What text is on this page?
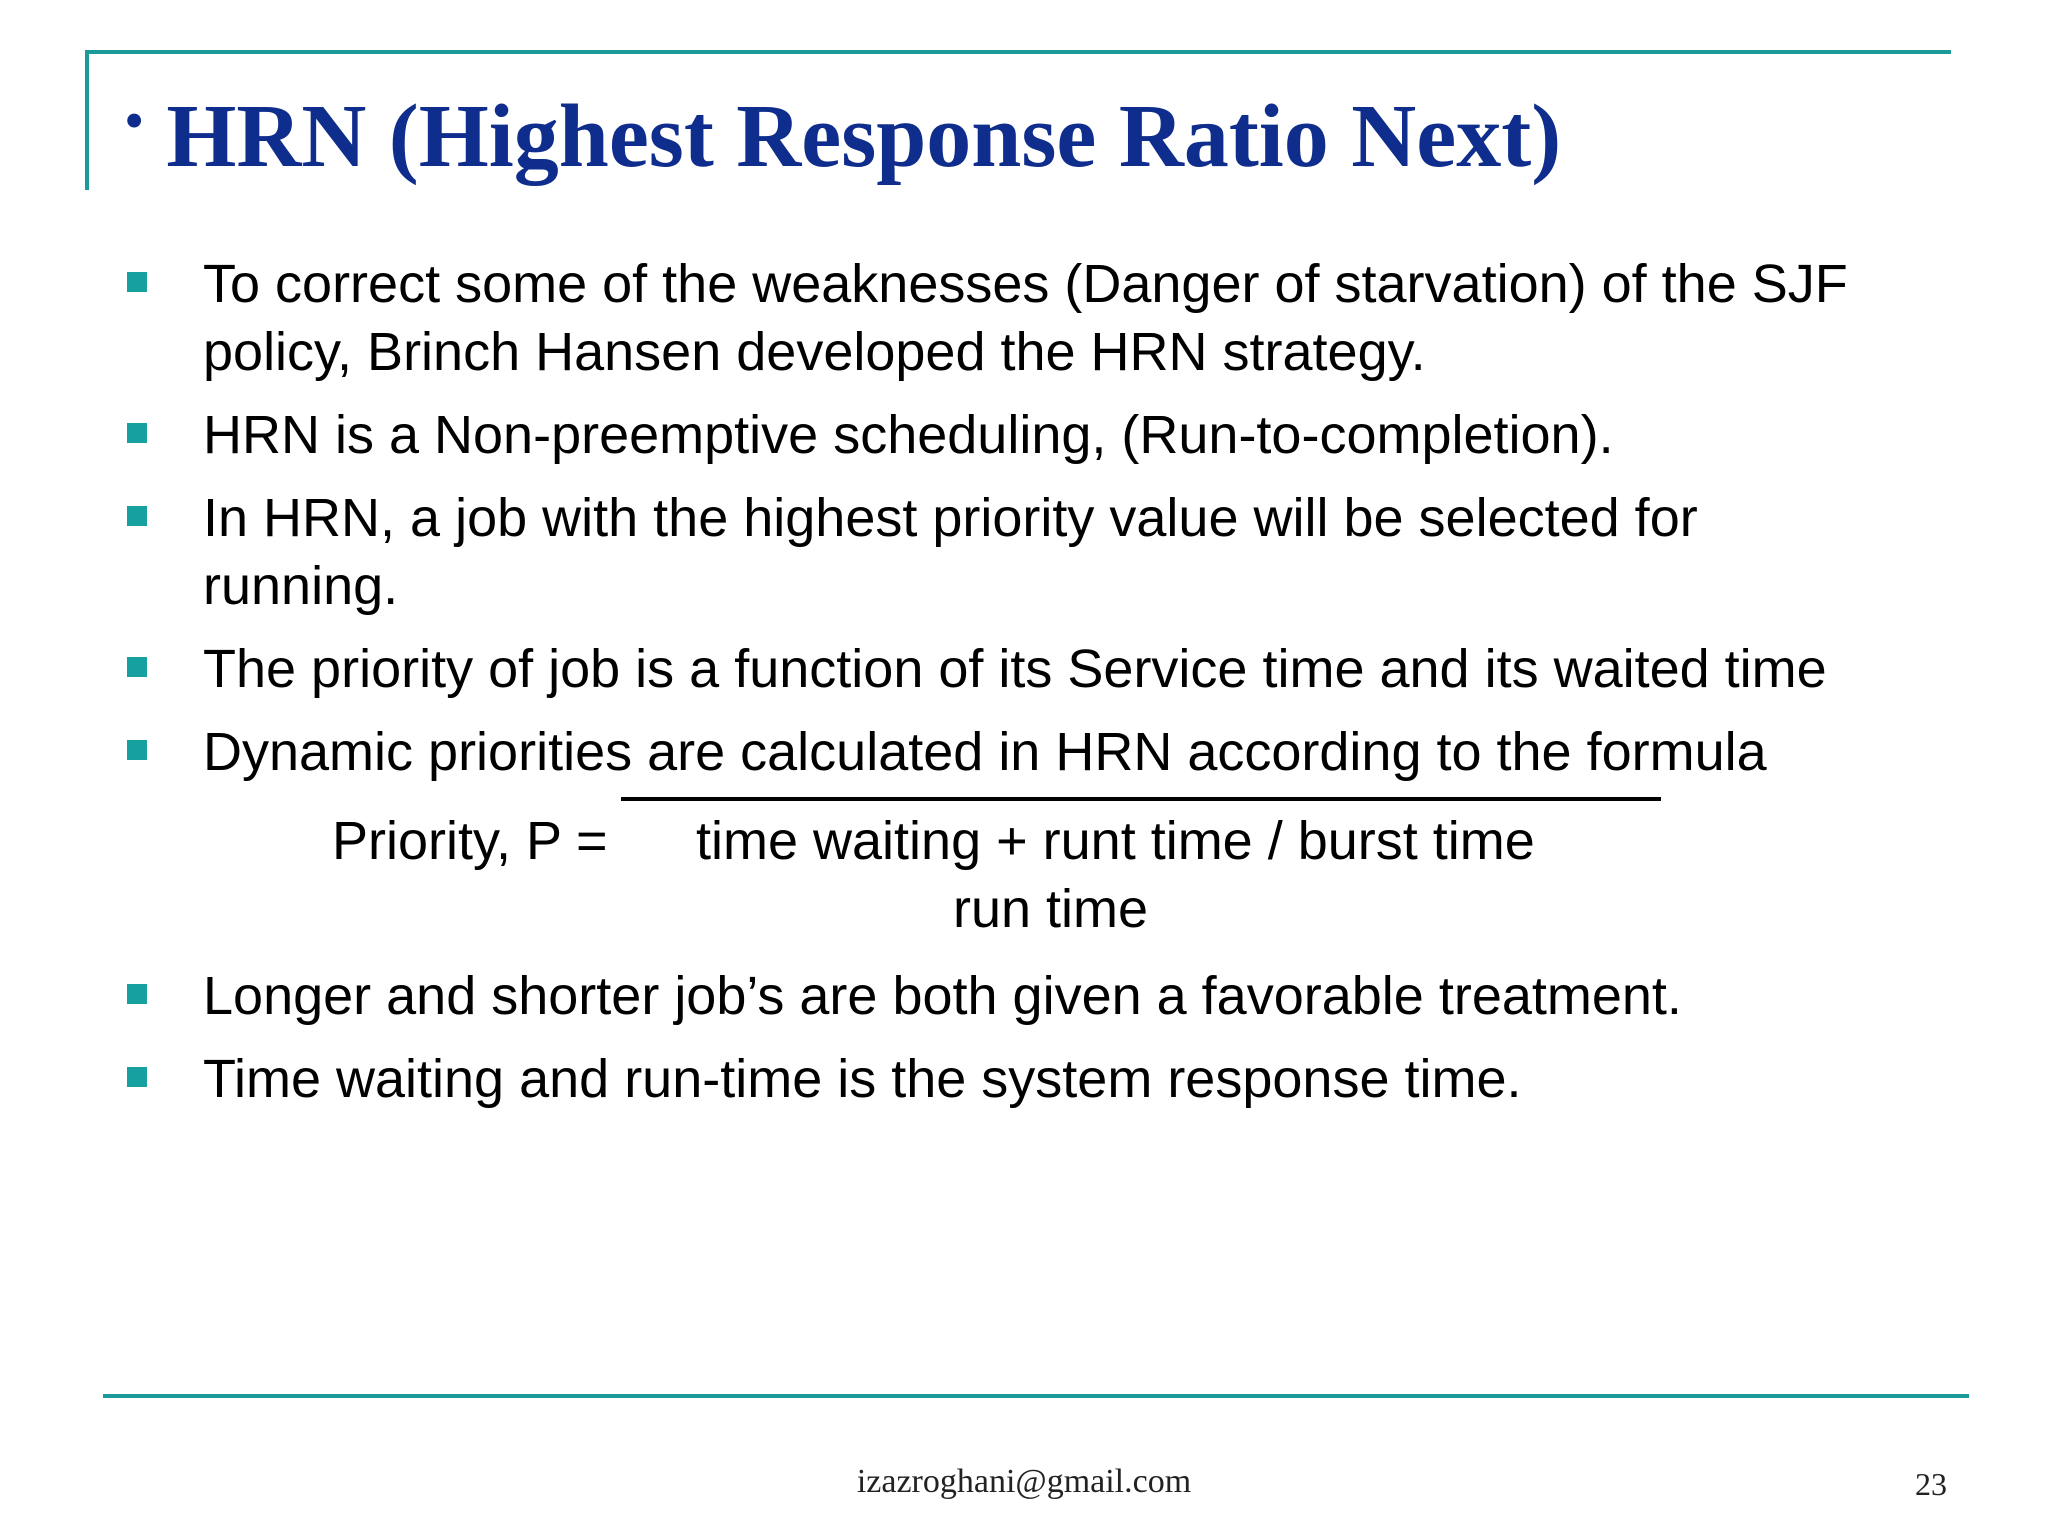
• HRN (Highest Response Ratio Next)
To correct some of the weaknesses (Danger of starvation) of the SJF policy, Brinch Hansen developed the HRN strategy.
HRN is a Non-preemptive scheduling, (Run-to-completion).
In HRN, a job with the highest priority value will be selected for running.
The priority of job is a function of its Service time and its waited time
Dynamic priorities are calculated in HRN according to the formula
Priority, P = time waiting + runt time / burst time
run time
Longer and shorter job’s are both given a favorable treatment.
Time waiting and run-time is the system response time.
izazroghani@gmail.com	23
